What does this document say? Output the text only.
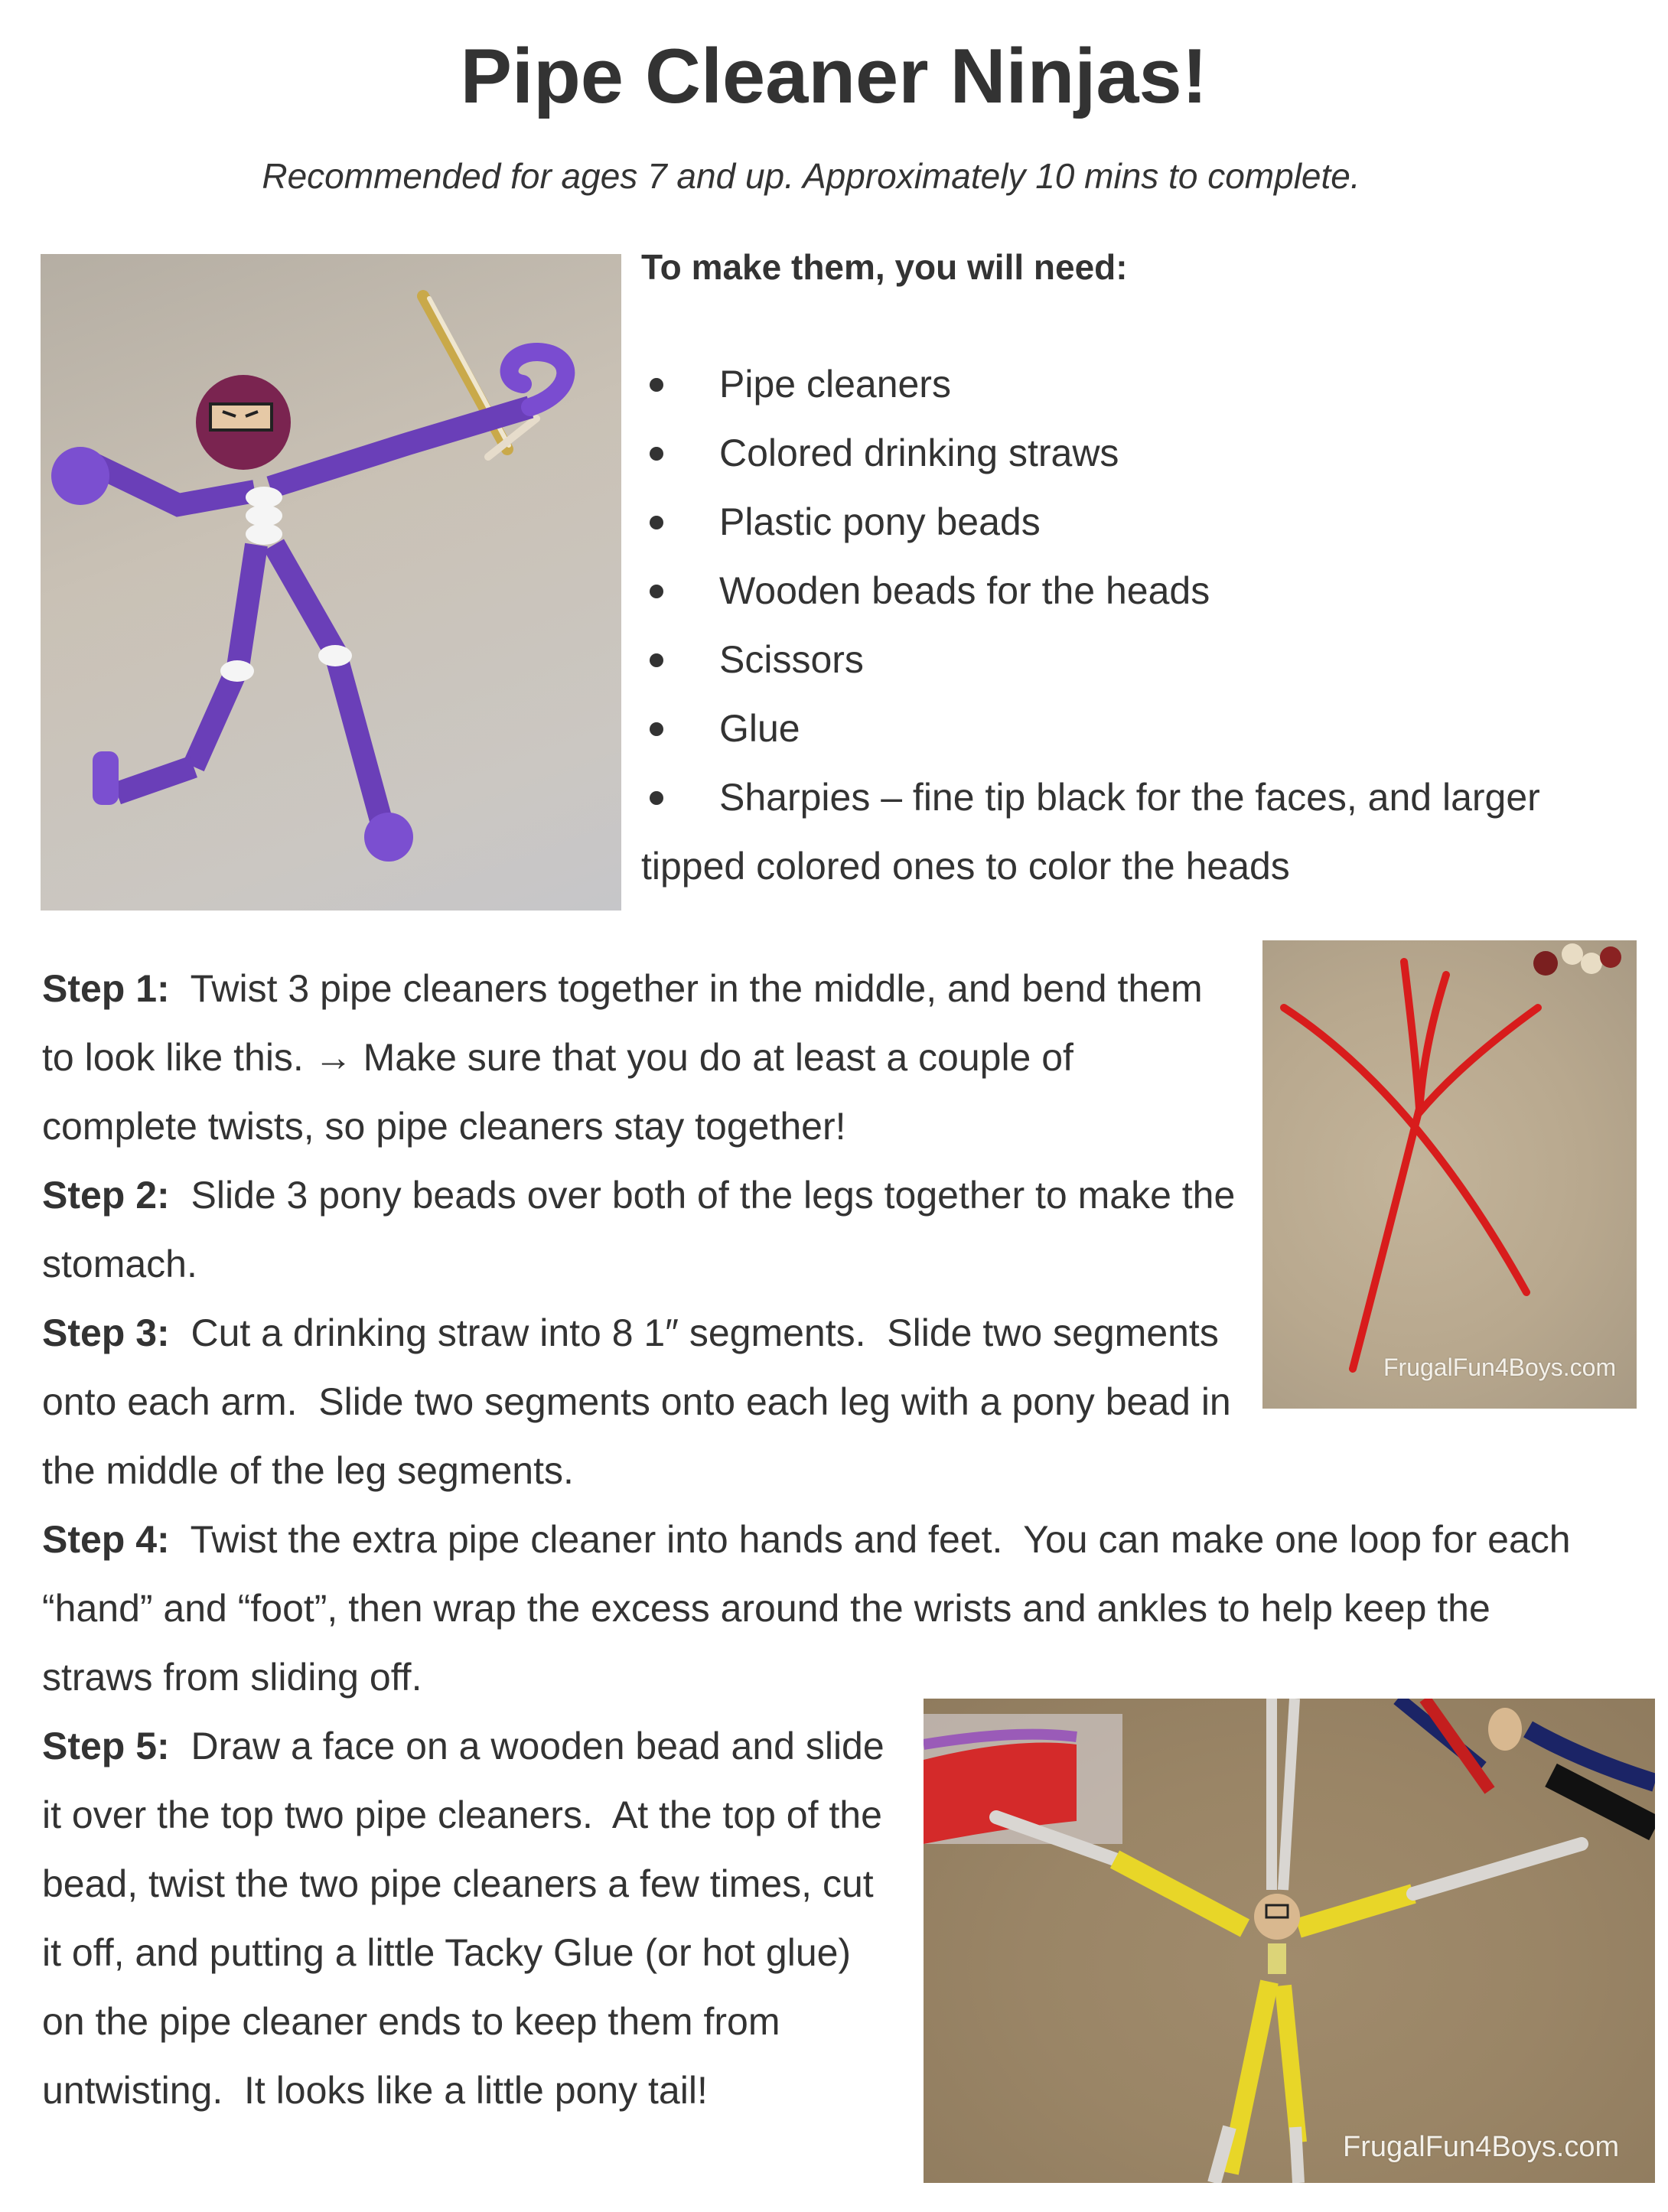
Pipe Cleaner Ninjas!
Recommended for ages 7 and up. Approximately 10 mins to complete.
To make them, you will need:
Pipe cleaners
Colored drinking straws
Plastic pony beads
Wooden beads for the heads
Scissors
Glue
Sharpies – fine tip black for the faces, and larger
tipped colored ones to color the heads
FrugalFun4Boys.com
Step 1:  Twist 3 pipe cleaners together in the middle, and bend them
to look like this. → Make sure that you do at least a couple of
complete twists, so pipe cleaners stay together!
Step 2:  Slide 3 pony beads over both of the legs together to make the
stomach.
Step 3:  Cut a drinking straw into 8 1″ segments.  Slide two segments
onto each arm.  Slide two segments onto each leg with a pony bead in
the middle of the leg segments.
Step 4:  Twist the extra pipe cleaner into hands and feet.  You can make one loop for each
“hand” and “foot”, then wrap the excess around the wrists and ankles to help keep the
straws from sliding off.
Step 5:  Draw a face on a wooden bead and slide
it over the top two pipe cleaners.  At the top of the
bead, twist the two pipe cleaners a few times, cut
it off, and putting a little Tacky Glue (or hot glue)
on the pipe cleaner ends to keep them from
untwisting.  It looks like a little pony tail!
FrugalFun4Boys.com
